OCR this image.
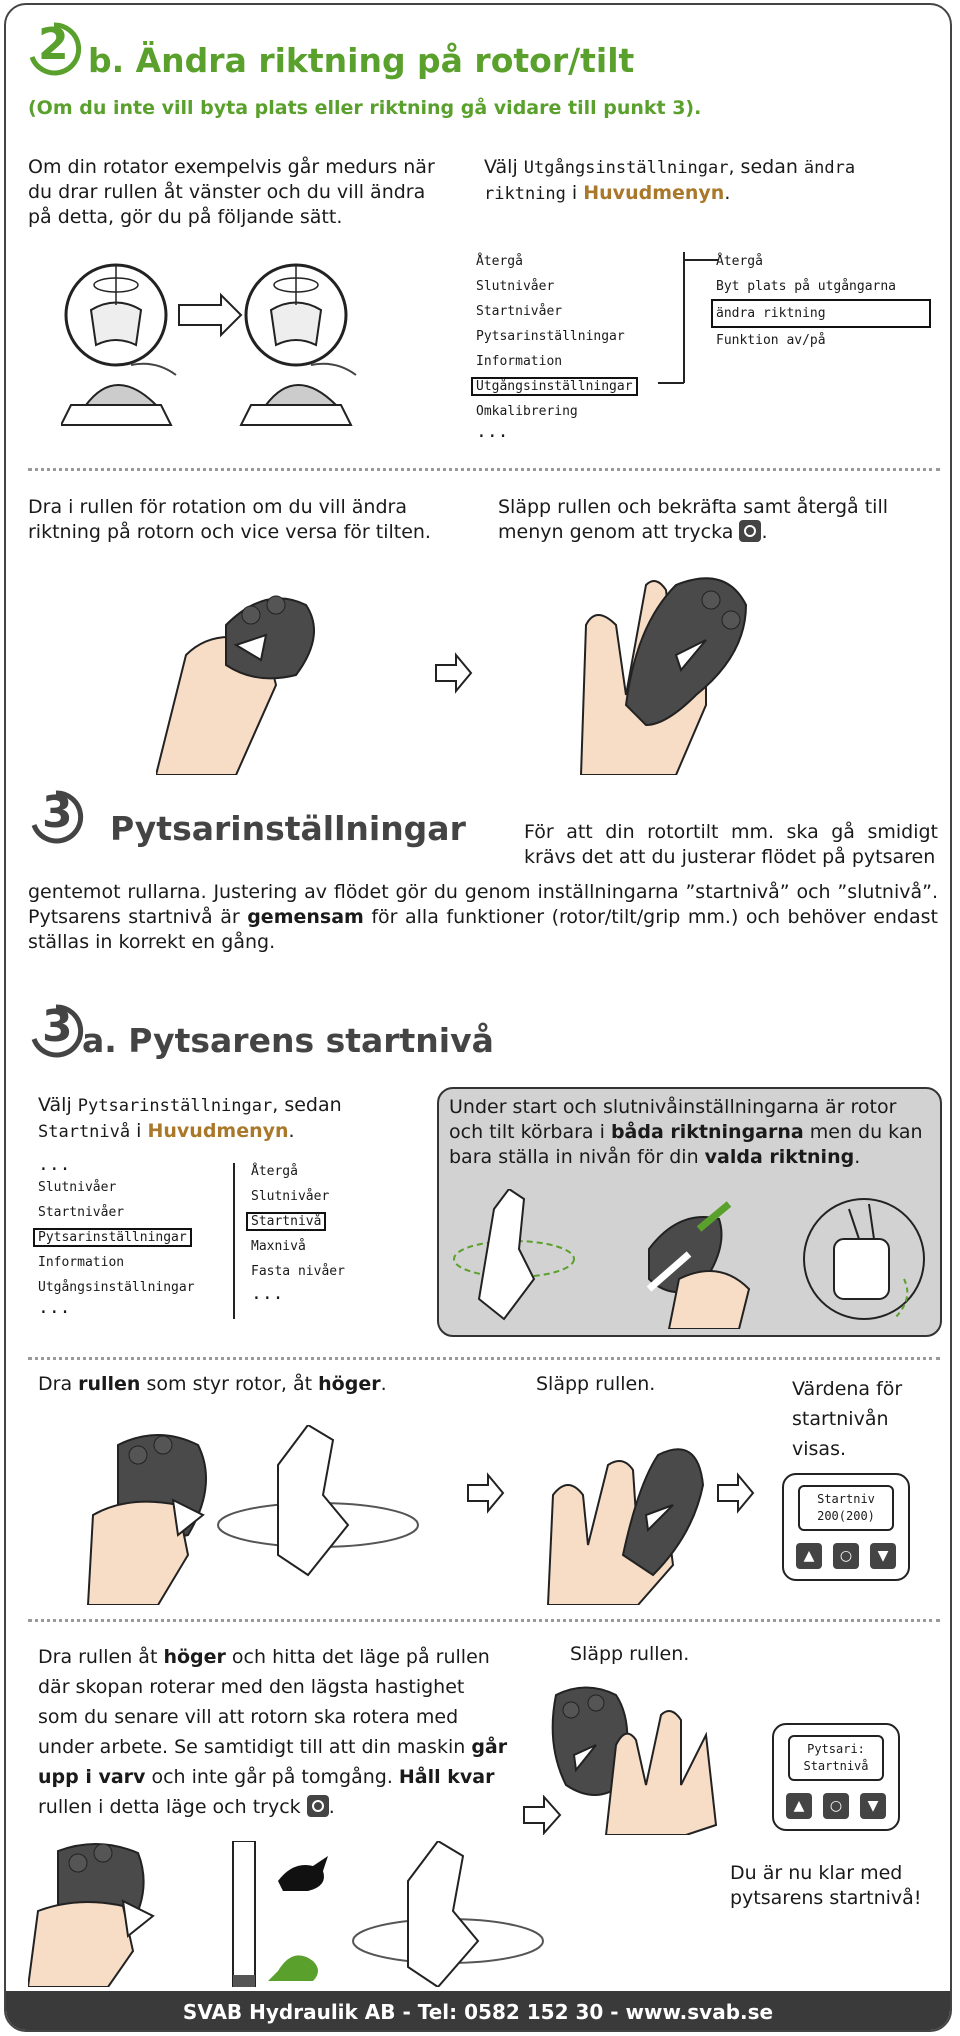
2 b. Ändra riktning på rotor/tilt
(Om du inte vill byta plats eller riktning gå vidare till punkt 3).
Om din rotator exempelvis går medurs när du drar rullen åt vänster och du vill ändra på detta, gör du på följande sätt.
Välj Utgångsinställningar, sedan ändra riktning i Huvudmenyn.
Återgå
Slutnivåer
Startnivåer
Pytsarinställningar
Information
Utgångsinställningar
Omkalibrering
...
Återgå
Byt plats på utgångarna
ändra riktning
Funktion av/på
Dra i rullen för rotation om du vill ändra riktning på rotorn och vice versa för tilten.
Släpp rullen och bekräfta samt återgå till menyn genom att trycka .
3 Pytsarinställningar	För att din rotortilt mm. ska gå smidigt krävs det att du justerar flödet på pytsaren
gentemot rullarna. Justering av flödet gör du genom inställningarna ”startnivå” och ”slutnivå”. Pytsarens startnivå är gemensam för alla funktioner (rotor/tilt/grip mm.) och behöver endast ställas in korrekt en gång.
3 a. Pytsarens startnivå
Välj Pytsarinställningar, sedan
Startnivå i Huvudmenyn.
...
Slutnivåer
Startnivåer
Pytsarinställningar
Information
Utgångsinställningar
...
Återgå
Slutnivåer
Startnivå
Maxnivå
Fasta nivåer
...
Under start och slutnivåinställningarna är rotor och tilt körbara i båda riktningarna men du kan bara ställa in nivån för din valda riktning.
Dra rullen som styr rotor, åt höger.	Släpp rullen.	Värdena för startnivån visas.
Startniv
200(200)
▲	○	▼
Dra rullen åt höger och hitta det läge på rullen där skopan roterar med den lägsta hastighet som du senare vill att rotorn ska rotera med under arbete. Se samtidigt till att din maskin går upp i varv och inte går på tomgång. Håll kvar rullen i detta läge och tryck .
Släpp rullen.
Pytsari:
Startnivå
▲	○	▼
Du är nu klar med pytsarens startnivå!
SVAB Hydraulik AB - Tel: 0582 152 30 - www.svab.se
